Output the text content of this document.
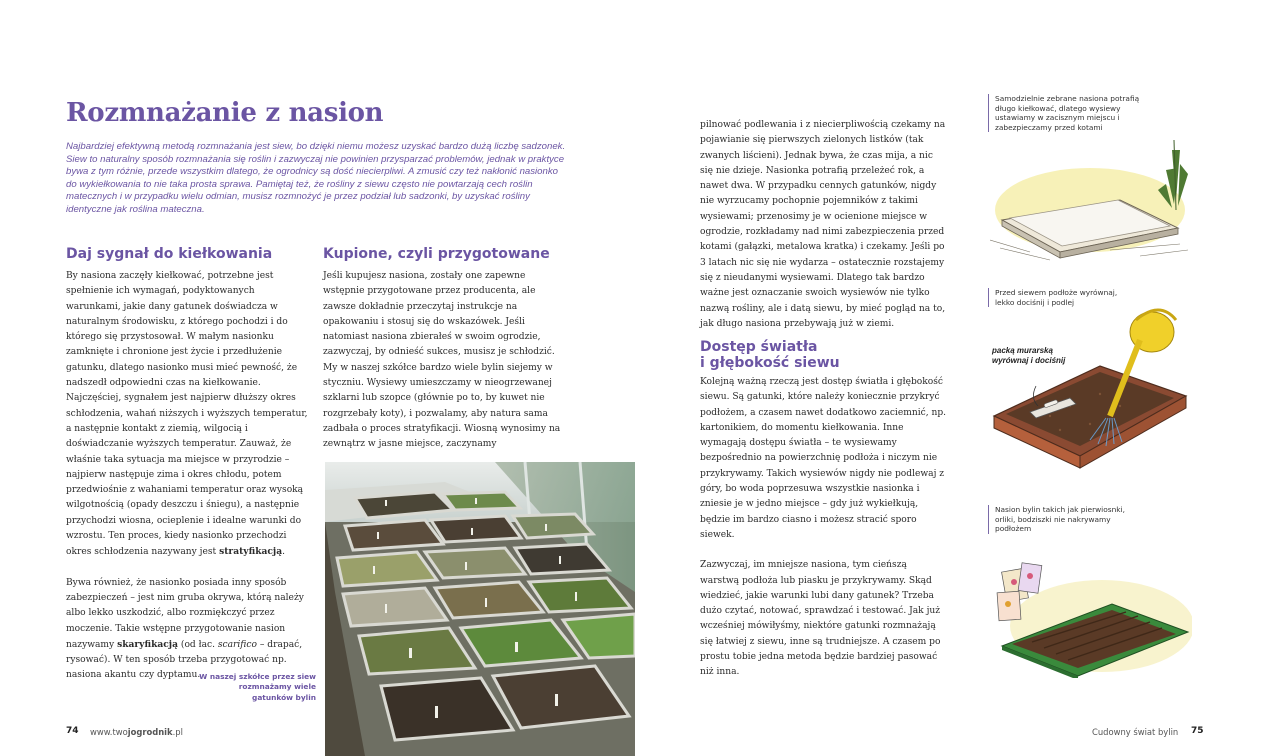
Rozmnażanie z nasion
Najbardziej efektywną metodą rozmnażania jest siew, bo dzięki niemu możesz uzyskać bardzo dużą liczbę sadzonek. Siew to naturalny sposób rozmnażania się roślin i zazwyczaj nie powinien przysparzać problemów, jednak w praktyce bywa z tym różnie, przede wszystkim dlatego, że ogrodnicy są dość niecierpliwi. A zmusić czy też nakłonić nasionko do wykiełkowania to nie taka prosta sprawa. Pamiętaj też, że rośliny z siewu często nie powtarzają cech roślin matecznych i w przypadku wielu odmian, musisz rozmnożyć je przez podział lub sadzonki, by uzyskać rośliny identyczne jak roślina mateczna.
Daj sygnał do kiełkowania

By nasiona zaczęły kiełkować, potrzebne jest spełnienie ich wymagań, podyktowanych warunkami, jakie dany gatunek doświadcza w naturalnym środowisku, z którego pochodzi i do którego się przystosował. W małym nasionku zamknięte i chronione jest życie i przedłużenie gatunku, dlatego nasionko musi mieć pewność, że nadszedł odpowiedni czas na kiełkowanie. Najczęściej, sygnałem jest najpierw dłuższy okres schłodzenia, wahań niższych i wyższych temperatur, a następnie kontakt z ziemią, wilgocią i doświadczanie wyższych temperatur. Zauważ, że właśnie taka sytuacja ma miejsce w przyrodzie – najpierw następuje zima i okres chłodu, potem przedwiośnie z wahaniami temperatur oraz wysoką wilgotnością (opady deszczu i śniegu), a następnie przychodzi wiosna, ocieplenie i idealne warunki do wzrostu. Ten proces, kiedy nasionko przechodzi okres schłodzenia nazywany jest stratyfikacją.

Bywa również, że nasionko posiada inny sposób zabezpieczeń – jest nim gruba okrywa, którą należy albo lekko uszkodzić, albo rozmiękczyć przez moczenie. Takie wstępne przygotowanie nasion nazywamy skaryfikacją (od łac. scarifico – drapać, rysować). W ten sposób trzeba przygotować np. nasiona akantu czy dyptamu.

W naszej szkółce przez siew rozmnażamy wiele gatunków bylin
Kupione, czyli przygotowane

Jeśli kupujesz nasiona, zostały one zapewne wstępnie przygotowane przez producenta, ale zawsze dokładnie przeczytaj instrukcje na opakowaniu i stosuj się do wskazówek. Jeśli natomiast nasiona zbierałeś w swoim ogrodzie, zazwyczaj, by odnieść sukces, musisz je schłodzić. My w naszej szkółce bardzo wiele bylin siejemy w styczniu. Wysiewy umieszczamy w nieogrzewanej szklarni lub szopce (głównie po to, by kuwet nie rozgrzebały koty), i pozwalamy, aby natura sama zadbała o proces stratyfikacji. Wiosną wynosimy na zewnątrz w jasne miejsce, zaczynamy

pilnować podlewania i z niecierpliwością czekamy na pojawianie się pierwszych zielonych listków (tak zwanych liścieni). Jednak bywa, że czas mija, a nic się nie dzieje. Nasionka potrafią przeleżeć rok, a nawet dwa. W przypadku cennych gatunków, nigdy nie wyrzucamy pochopnie pojemników z takimi wysiewami; przenosimy je w ocienione miejsce w ogrodzie, rozkładamy nad nimi zabezpieczenia przed kotami (gałązki, metalowa kratka) i czekamy. Jeśli po 3 latach nic się nie wydarza – ostatecznie rozstajemy się z nieudanymi wysiewami. Dlatego tak bardzo ważne jest oznaczanie swoich wysiewów nie tylko nazwą rośliny, ale i datą siewu, by mieć pogląd na to, jak długo nasiona przebywają już w ziemi.

Dostęp światła
i głębokość siewu

Kolejną ważną rzeczą jest dostęp światła i głębokość siewu. Są gatunki, które należy koniecznie przykryć podłożem, a czasem nawet dodatkowo zaciemnić, np. kartonikiem, do momentu kiełkowania. Inne wymagają dostępu światła – te wysiewamy bezpośrednio na powierzchnię podłoża i niczym nie przykrywamy. Takich wysiewów nigdy nie podlewaj z góry, bo woda poprzesuwa wszystkie nasionka i zniesie je w jedno miejsce – gdy już wykiełkują, będzie im bardzo ciasno i możesz stracić sporo siewek.

Zazwyczaj, im mniejsze nasiona, tym cieńszą warstwą podłoża lub piasku je przykrywamy. Skąd wiedzieć, jakie warunki lubi dany gatunek? Trzeba dużo czytać, notować, sprawdzać i testować. Jak już wcześniej mówiłyśmy, niektóre gatunki rozmnażają się łatwiej z siewu, inne są trudniejsze. A czasem po prostu tobie jedna metoda będzie bardziej pasować niż inna.

Samodzielnie zebrane nasiona potrafią długo kiełkować, dlatego wysiewy ustawiamy w zacisznym miejscu i zabezpieczamy przed kotami
Przed siewem podłoże wyrównaj, lekko dociśnij i podlej
Nasion bylin takich jak pierwiosnki, orliki, bodziszki nie nakrywamy podłożem
packą murarską wyrównaj i dociśnij
74 www.twojogrodnik.pl	Cudowny świat bylin 75
